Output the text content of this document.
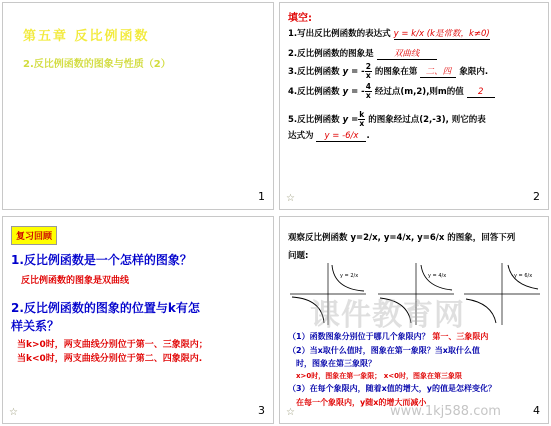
第五章 反比例函数
2.反比例函数的图象与性质（2）
1
填空:
1.写出反比例函数的表达式 y = k/x (k是常数，k≠0)
2.反比例函数的图象是 双曲线
3.反比例函数 y = - $\frac{2}{x}$ 的图象在第 二、四 象限内.
4.反比例函数 y = - $\frac{4}{x}$ 经过点(m,2),则m的值 2
5.反比例函数 $y = \frac{k}{x}$ 的图象经过点(2,-3), 则它的表
达式为 y = -6/x .
2
☆
复习回顾
1.反比例函数是一个怎样的图象？
反比例函数的图象是双曲线
2.反比例函数的图象的位置与k有怎
样关系？
当k>0时，两支曲线分别位于第一、三象限内；
当k<0时，两支曲线分别位于第二、四象限内.
3
☆
观察反比例函数 y=2/x, y=4/x, y=6/x 的图象，回答下列
问题:
y = 2/x	y = 4/x	y = 6/x
（1）函数图象分别位于哪几个象限内？ 第一、三象限内
（2）当x取什么值时，图象在第一象限？当x取什么值
时，图象在第三象限？
x>0时，图象在第一象限； x<0时，图象在第三象限
（3）在每个象限内，随着x值的增大，y的值是怎样变化？
在每一个象限内，y随x的增大而减小
4
☆
课件教育网
www.1kj588.com
